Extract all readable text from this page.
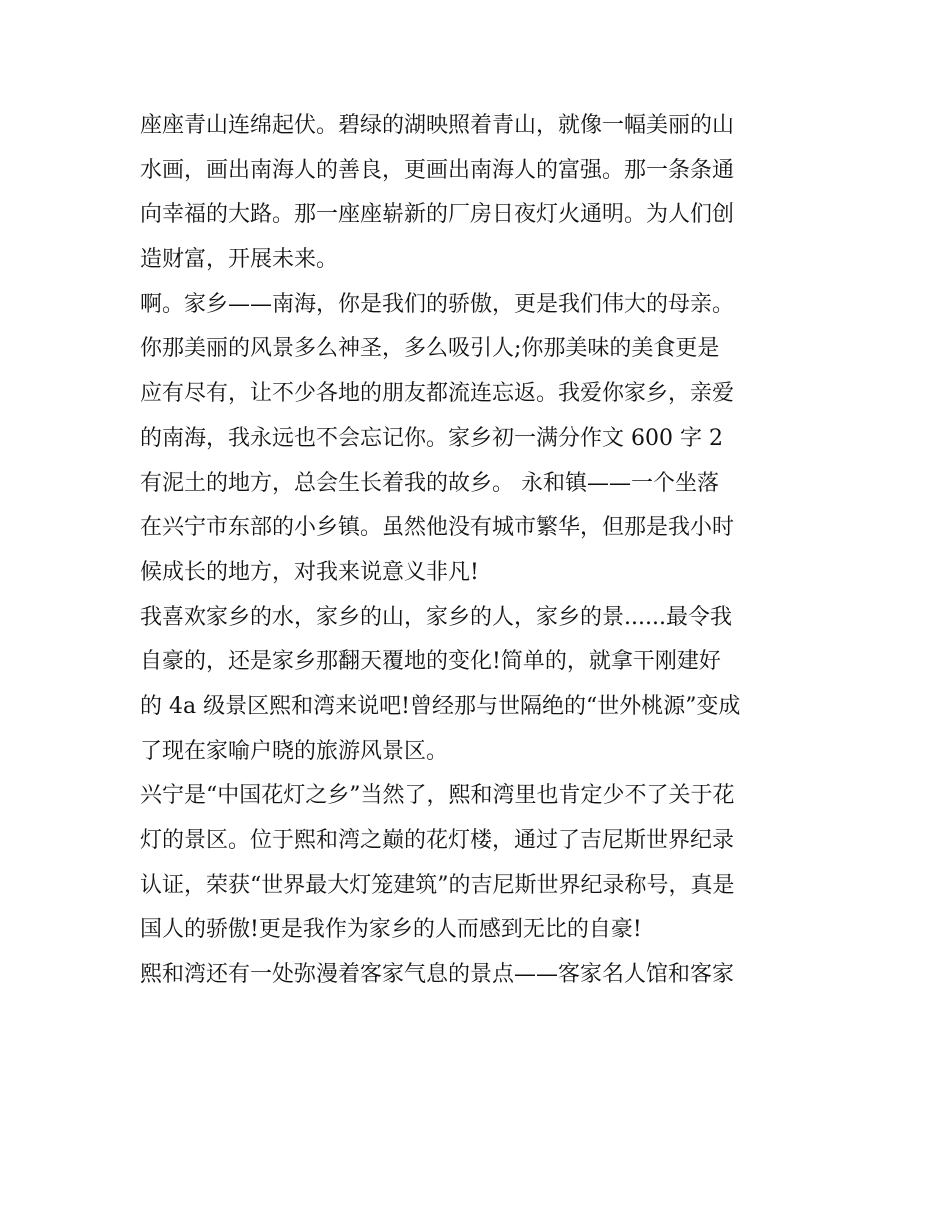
座座青山连绵起伏。碧绿的湖映照着青山，就像一幅美丽的山
水画，画出南海人的善良，更画出南海人的富强。那一条条通
向幸福的大路。那一座座崭新的厂房日夜灯火通明。为人们创
造财富，开展未来。
啊。家乡——南海，你是我们的骄傲，更是我们伟大的母亲。
你那美丽的风景多么神圣，多么吸引人;你那美味的美食更是
应有尽有，让不少各地的朋友都流连忘返。我爱你家乡，亲爱
的南海，我永远也不会忘记你。家乡初一满分作文 600 字 2
有泥土的地方，总会生长着我的故乡。 永和镇——一个坐落
在兴宁市东部的小乡镇。虽然他没有城市繁华，但那是我小时
候成长的地方，对我来说意义非凡!
我喜欢家乡的水，家乡的山，家乡的人，家乡的景......最令我
自豪的，还是家乡那翻天覆地的变化!简单的，就拿干刚建好
的 4a 级景区熙和湾来说吧!曾经那与世隔绝的“世外桃源”变成
了现在家喻户晓的旅游风景区。
兴宁是“中国花灯之乡”当然了，熙和湾里也肯定少不了关于花
灯的景区。位于熙和湾之巅的花灯楼，通过了吉尼斯世界纪录
认证，荣获“世界最大灯笼建筑”的吉尼斯世界纪录称号，真是
国人的骄傲!更是我作为家乡的人而感到无比的自豪!
熙和湾还有一处弥漫着客家气息的景点——客家名人馆和客家
